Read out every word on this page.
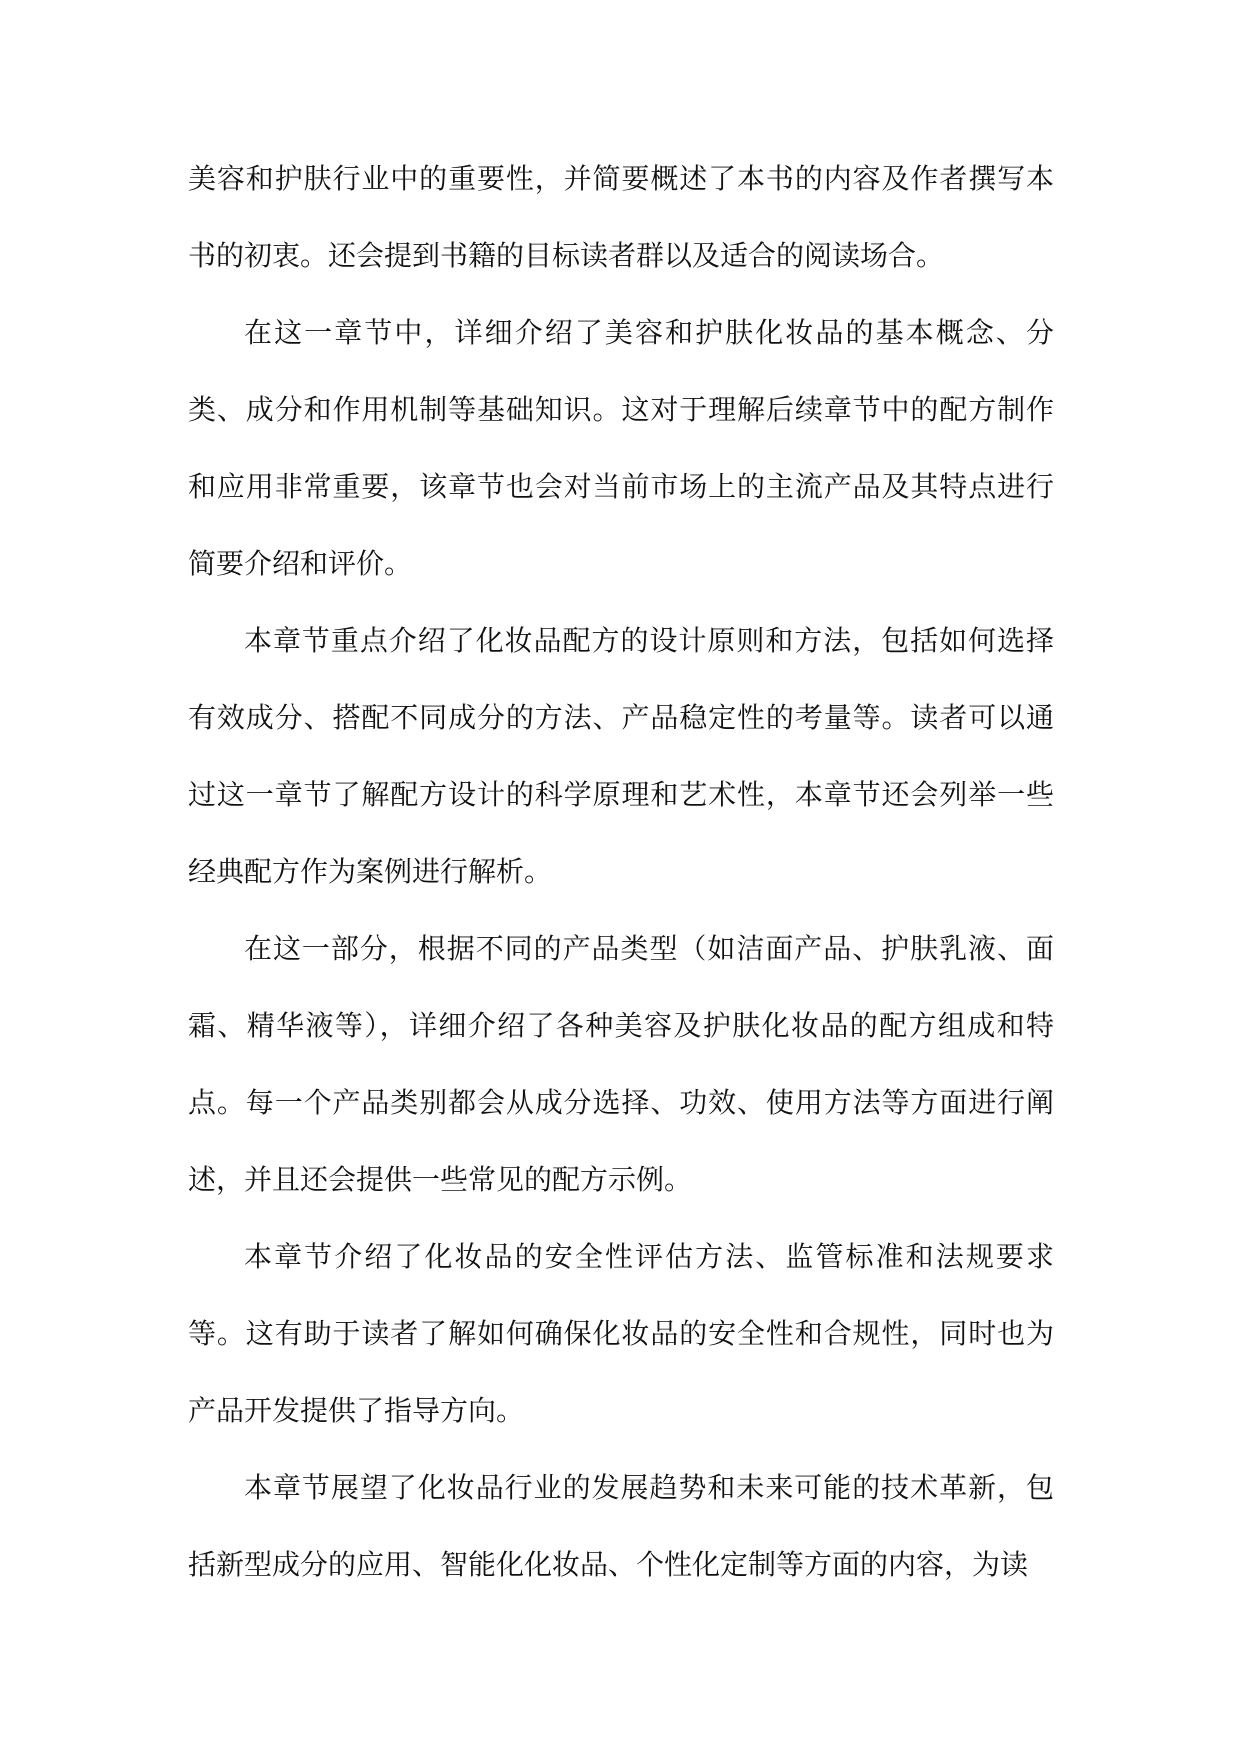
美容和护肤行业中的重要性，并简要概述了本书的内容及作者撰写本书的初衷。还会提到书籍的目标读者群以及适合的阅读场合。

在这一章节中，详细介绍了美容和护肤化妆品的基本概念、分类、成分和作用机制等基础知识。这对于理解后续章节中的配方制作和应用非常重要，该章节也会对当前市场上的主流产品及其特点进行简要介绍和评价。

本章节重点介绍了化妆品配方的设计原则和方法，包括如何选择有效成分、搭配不同成分的方法、产品稳定性的考量等。读者可以通过这一章节了解配方设计的科学原理和艺术性，本章节还会列举一些经典配方作为案例进行解析。

在这一部分，根据不同的产品类型（如洁面产品、护肤乳液、面霜、精华液等），详细介绍了各种美容及护肤化妆品的配方组成和特点。每一个产品类别都会从成分选择、功效、使用方法等方面进行阐述，并且还会提供一些常见的配方示例。

本章节介绍了化妆品的安全性评估方法、监管标准和法规要求等。这有助于读者了解如何确保化妆品的安全性和合规性，同时也为产品开发提供了指导方向。

本章节展望了化妆品行业的发展趋势和未来可能的技术革新，包括新型成分的应用、智能化化妆品、个性化定制等方面的内容，为读
